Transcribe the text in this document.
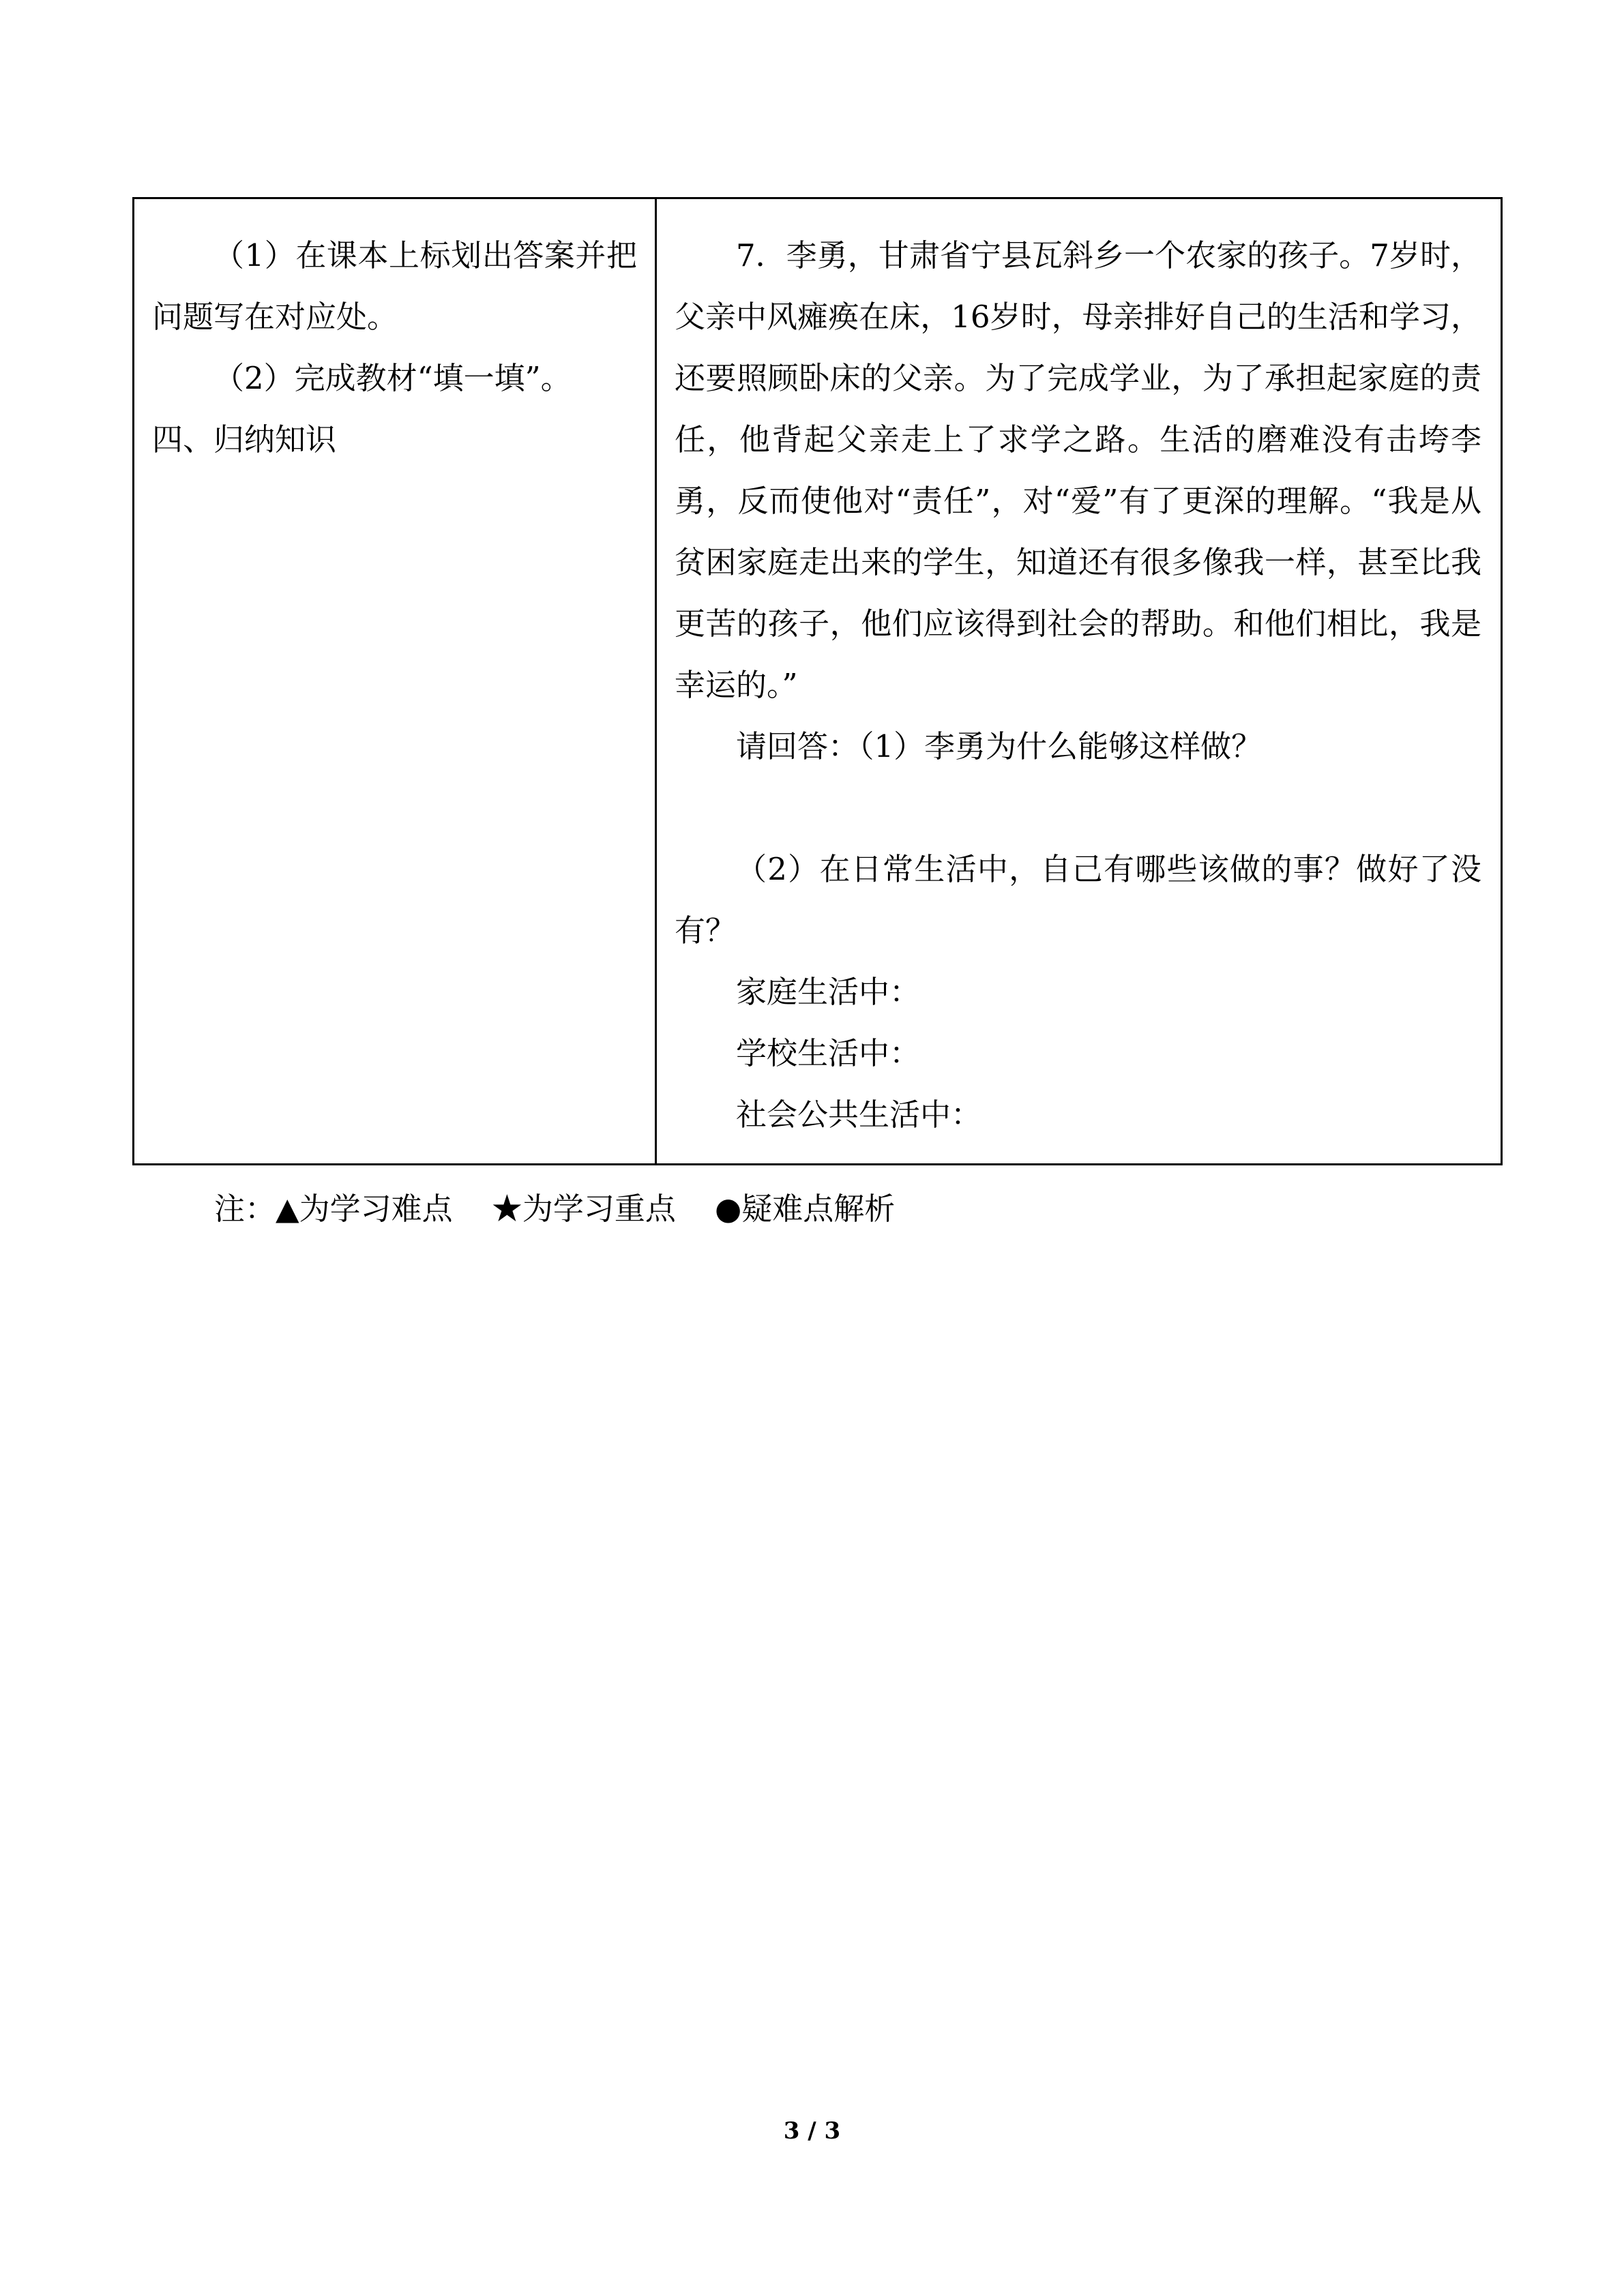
（1）在课本上标划出答案并把问题写在对应处。

（2）完成教材“填一填”。

四、归纳知识

7．李勇，甘肃省宁县瓦斜乡一个农家的孩子。7岁时，父亲中风瘫痪在床，16岁时，母亲排好自己的生活和学习，还要照顾卧床的父亲。为了完成学业，为了承担起家庭的责任，他背起父亲走上了求学之路。生活的磨难没有击垮李勇，反而使他对“责任”，对“爱”有了更深的理解。“我是从贫困家庭走出来的学生，知道还有很多像我一样，甚至比我更苦的孩子，他们应该得到社会的帮助。和他们相比，我是幸运的。”

请回答：（1）李勇为什么能够这样做？

（2）在日常生活中，自己有哪些该做的事？做好了没有？

家庭生活中：

学校生活中：

社会公共生活中：

注：▲为学习难点    ★为学习重点    ●疑难点解析
3 / 3
